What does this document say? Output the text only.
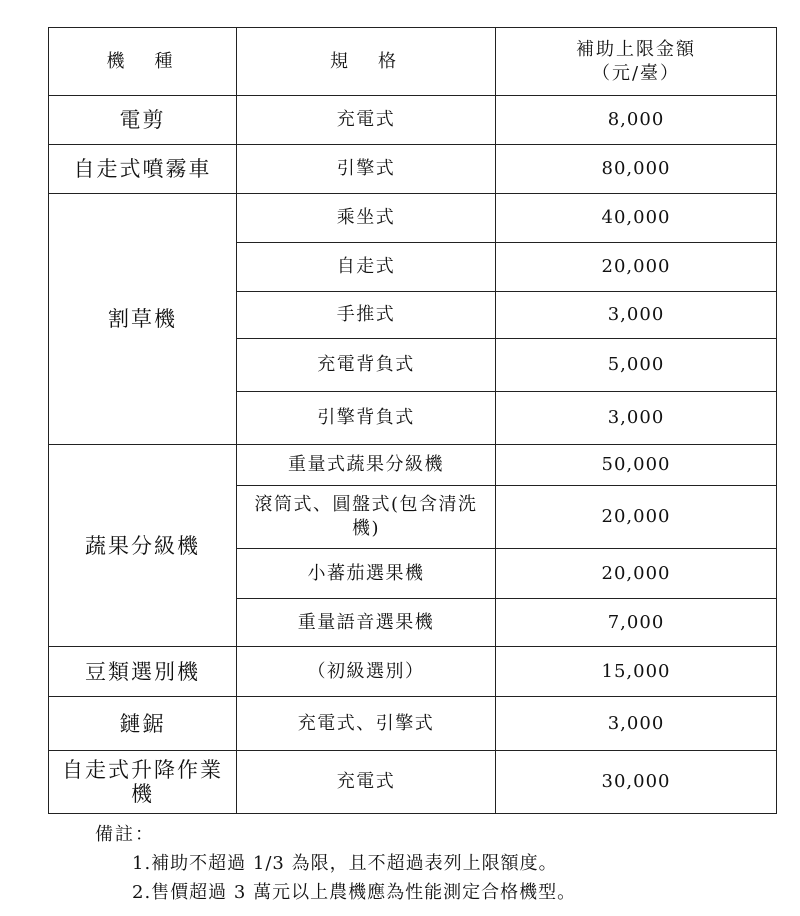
機　種	規　格	補助上限金額
（元/臺）

電剪	充電式	8,000
自走式噴霧車	引擎式	80,000
割草機	乘坐式	40,000
	自走式	20,000
	手推式	3,000
	充電背負式	5,000
	引擎背負式	3,000
蔬果分級機	重量式蔬果分級機	50,000
	滾筒式、圓盤式(包含清洗機)	20,000
	小蕃茄選果機	20,000
	重量語音選果機	7,000
豆類選別機	（初級選別）	15,000
鏈鋸	充電式、引擎式	3,000
自走式升降作業機	充電式	30,000
備註：
1.補助不超過 1/3 為限，且不超過表列上限額度。
2.售價超過 3 萬元以上農機應為性能測定合格機型。
